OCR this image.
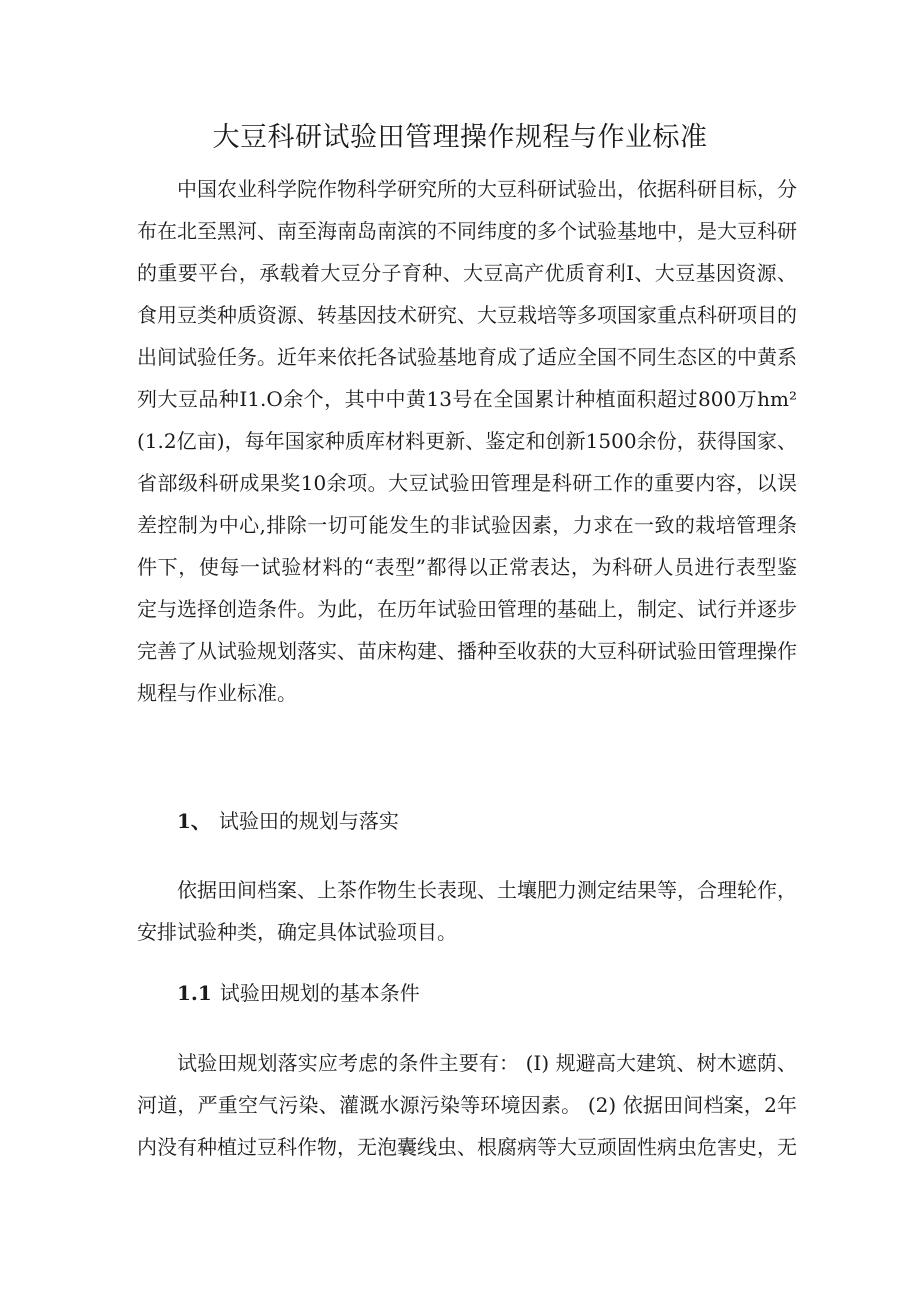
大豆科研试验田管理操作规程与作业标准

中国农业科学院作物科学研究所的大豆科研试验出，依据科研目标，分布在北至黑河、南至海南岛南滨的不同纬度的多个试验基地中，是大豆科研的重要平台，承载着大豆分子育种、大豆高产优质育利I、大豆基因资源、食用豆类种质资源、转基因技术研究、大豆栽培等多项国家重点科研项目的出间试验任务。近年来依托各试验基地育成了适应全国不同生态区的中黄系列大豆品种I1.O余个，其中中黄13号在全国累计种植面积超过800万hm² (1.2亿亩)，每年国家种质库材料更新、鉴定和创新1500余份，获得国家、省部级科研成果奖10余项。大豆试验田管理是科研工作的重要内容，以误差控制为中心,排除一切可能发生的非试验因素，力求在一致的栽培管理条件下，使每一试验材料的“表型”都得以正常表达，为科研人员进行表型鉴定与选择创造条件。为此，在历年试验田管理的基础上，制定、试行并逐步完善了从试验规划落实、苗床构建、播种至收获的大豆科研试验田管理操作规程与作业标准。

1、 试验田的规划与落实

依据田间档案、上茶作物生长表现、土壤肥力测定结果等，合理轮作，安排试验种类，确定具体试验项目。

1.1 试验田规划的基本条件

试验田规划落实应考虑的条件主要有： (I) 规避高大建筑、树木遮荫、河道，严重空气污染、灌溉水源污染等环境因素。 (2) 依据田间档案，2年内没有种植过豆科作物，无泡囊线虫、根腐病等大豆顽固性病虫危害史，无
